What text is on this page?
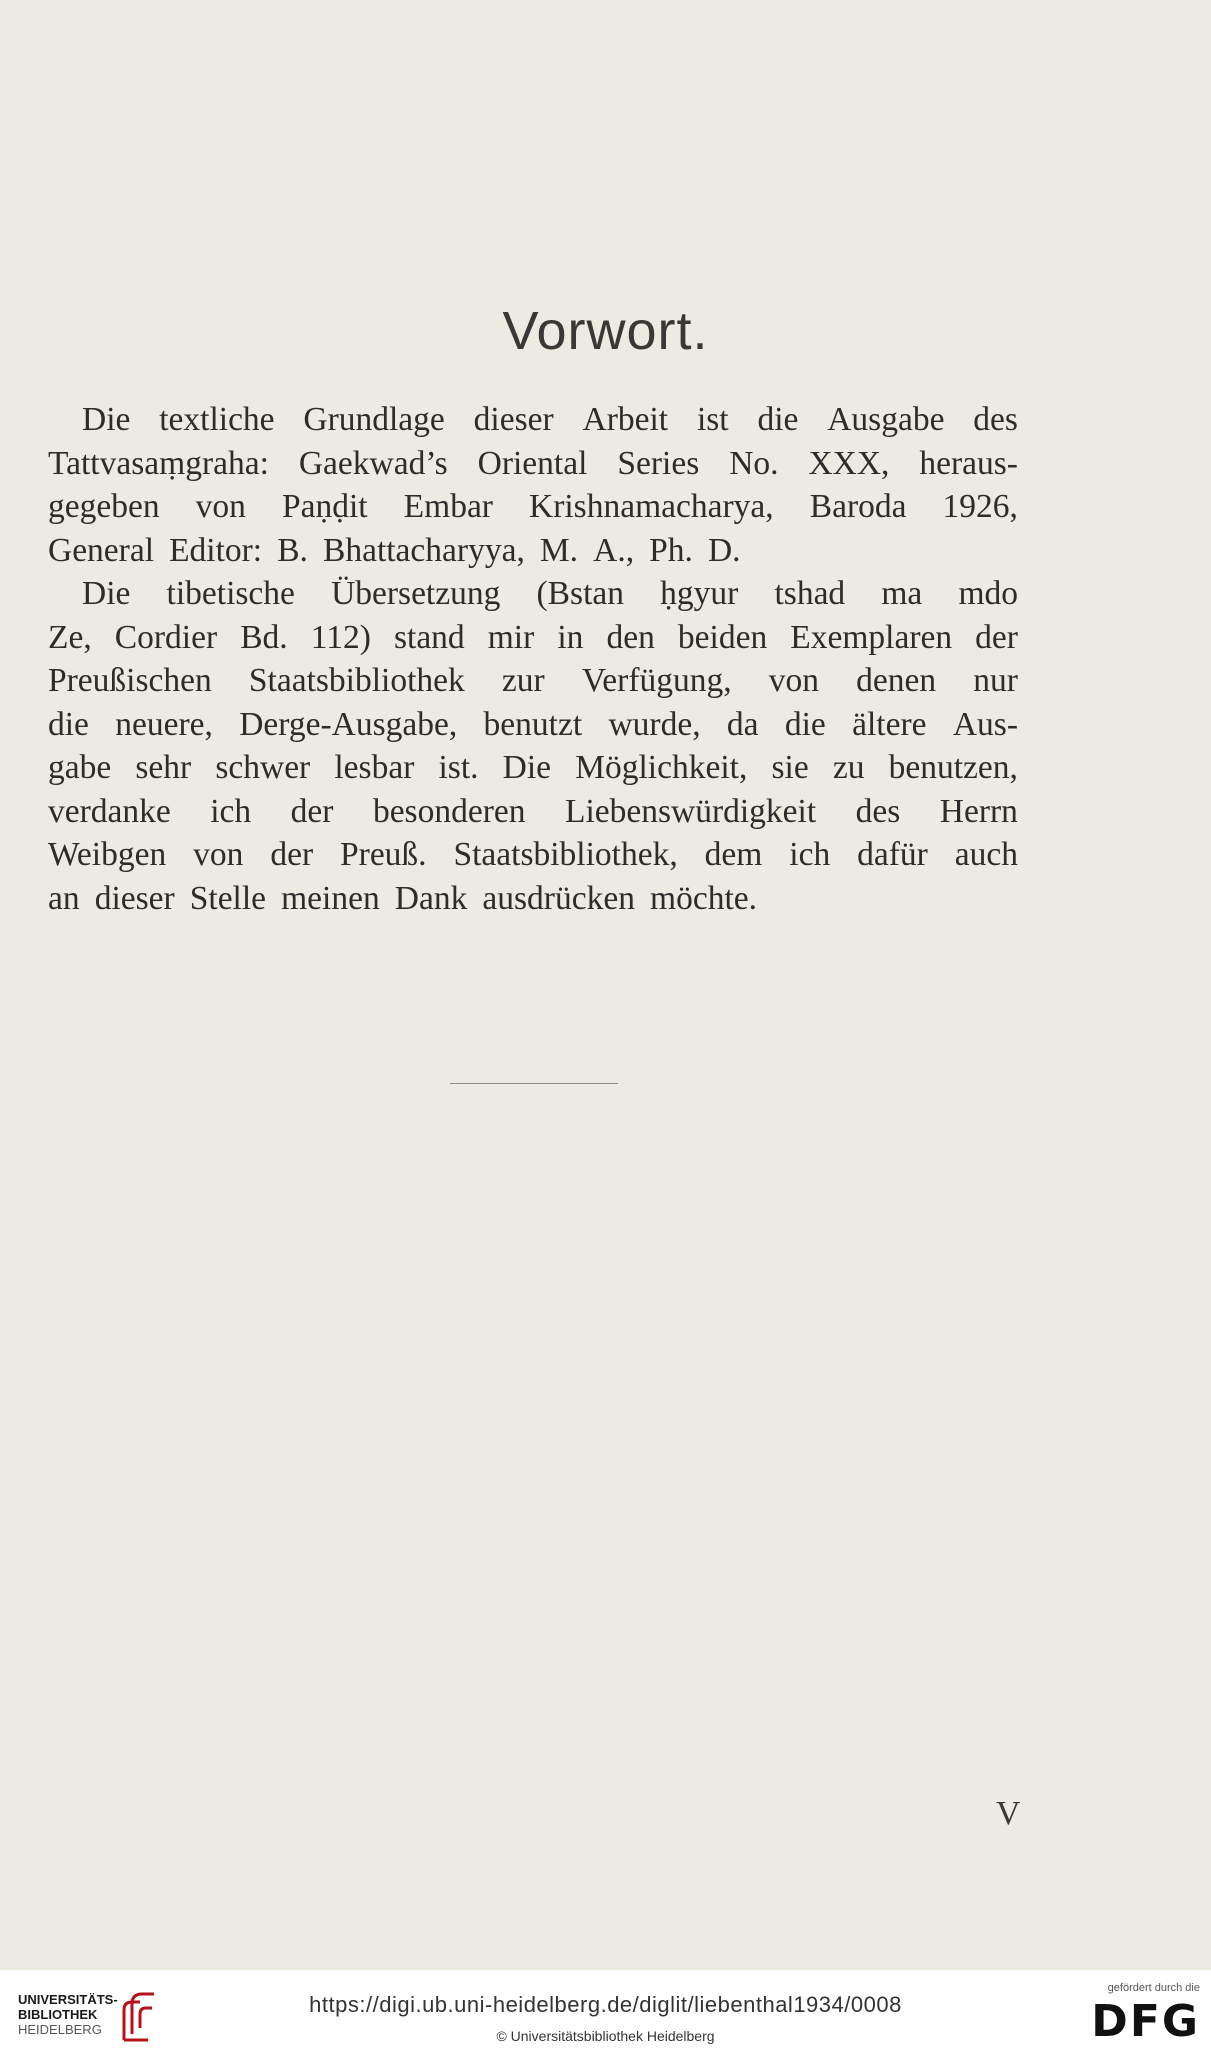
Vorwort.
Die textliche Grundlage dieser Arbeit ist die Ausgabe des
Tattvasaṃgraha: Gaekwad’s Oriental Series No. XXX, heraus-
gegeben von Paṇḍit Embar Krishnamacharya, Baroda 1926,
General Editor: B. Bhattacharyya, M. A., Ph. D.
Die tibetische Übersetzung (Bstan ḥgyur tshad ma mdo
Ze, Cordier Bd. 112) stand mir in den beiden Exemplaren der
Preußischen Staatsbibliothek zur Verfügung, von denen nur
die neuere, Derge-Ausgabe, benutzt wurde, da die ältere Aus-
gabe sehr schwer lesbar ist. Die Möglichkeit, sie zu benutzen,
verdanke ich der besonderen Liebenswürdigkeit des Herrn
Weibgen von der Preuß. Staatsbibliothek, dem ich dafür auch
an dieser Stelle meinen Dank ausdrücken möchte.
V
UNIVERSITÄTS-
BIBLIOTHEK
HEIDELBERG
https://digi.ub.uni-heidelberg.de/diglit/liebenthal1934/0008
© Universitätsbibliothek Heidelberg
gefördert durch die
DFG
